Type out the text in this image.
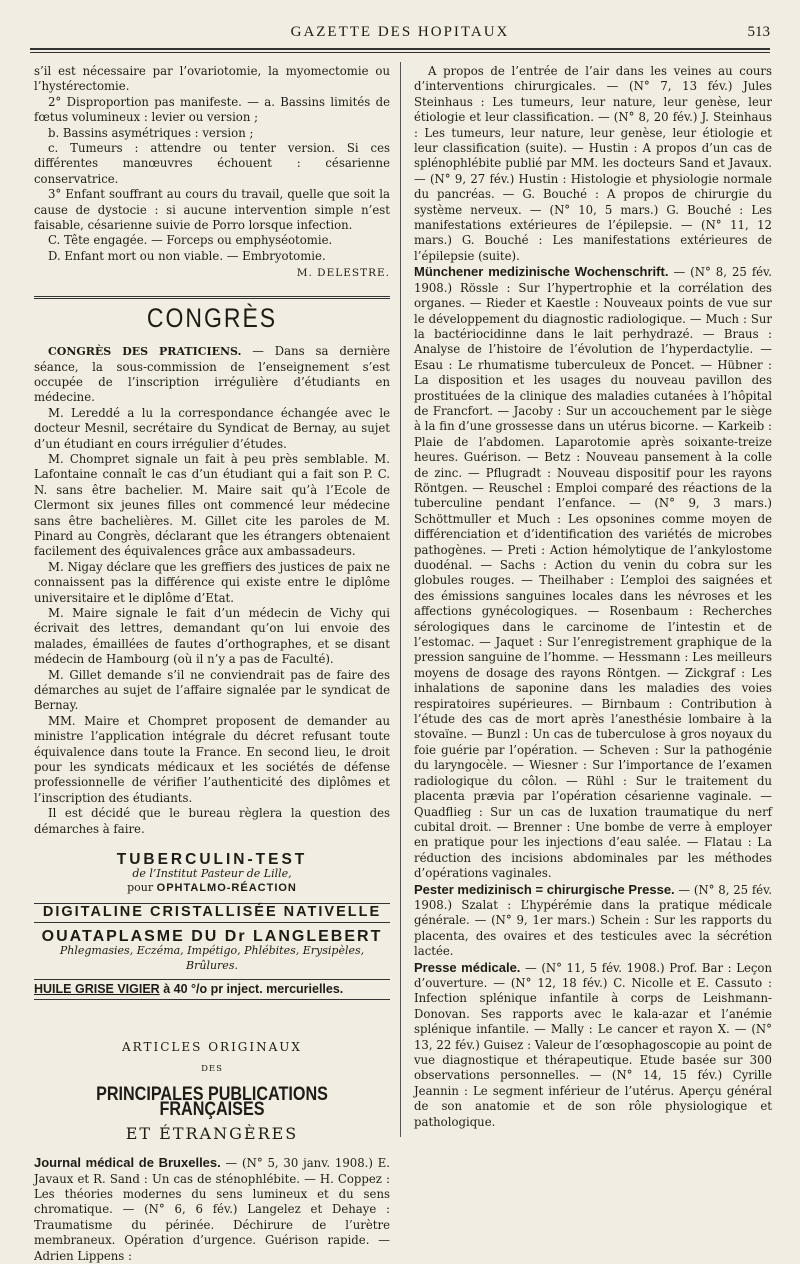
GAZETTE DES HOPITAUX	513

s’il est nécessaire par l’ovariotomie, la myomectomie ou l’hystérectomie.

2° Disproportion pas manifeste. — a. Bassins limités de fœtus volumineux : levier ou version ;

b. Bassins asymétriques : version ;

c. Tumeurs : attendre ou tenter version. Si ces différentes manœuvres échouent : césarienne conservatrice.

3° Enfant souffrant au cours du travail, quelle que soit la cause de dystocie : si aucune intervention simple n’est faisable, césarienne suivie de Porro lorsque infection.

C. Tête engagée. — Forceps ou emphyséotomie.

D. Enfant mort ou non viable. — Embryotomie.

M. DELESTRE.
CONGRÈS

CONGRÈS DES PRATICIENS. — Dans sa dernière séance, la sous-commission de l’enseignement s’est occupée de l’inscription irrégulière d’étudiants en médecine.

M. Lereddé a lu la correspondance échangée avec le docteur Mesnil, secrétaire du Syndicat de Bernay, au sujet d’un étudiant en cours irrégulier d’études.

M. Chompret signale un fait à peu près semblable. M. Lafontaine connaît le cas d’un étudiant qui a fait son P. C. N. sans être bachelier. M. Maire sait qu’à l’Ecole de Clermont six jeunes filles ont commencé leur médecine sans être bachelières. M. Gillet cite les paroles de M. Pinard au Congrès, déclarant que les étrangers obtenaient facilement des équivalences grâce aux ambassadeurs.

M. Nigay déclare que les greffiers des justices de paix ne connaissent pas la différence qui existe entre le diplôme universitaire et le diplôme d’Etat.

M. Maire signale le fait d’un médecin de Vichy qui écrivait des lettres, demandant qu’on lui envoie des malades, émaillées de fautes d’orthographes, et se disant médecin de Hambourg (où il n’y a pas de Faculté).

M. Gillet demande s’il ne conviendrait pas de faire des démarches au sujet de l’affaire signalée par le syndicat de Bernay.

MM. Maire et Chompret proposent de demander au ministre l’application intégrale du décret refusant toute équivalence dans toute la France. En second lieu, le droit pour les syndicats médicaux et les sociétés de défense professionnelle de vérifier l’authenticité des diplômes et l’inscription des étudiants.

Il est décidé que le bureau règlera la question des démarches à faire.

TUBERCULIN-TEST
de l’Institut Pasteur de Lille,
pour OPHTALMO-RÉACTION
DIGITALINE CRISTALLISÉE NATIVELLE
OUATAPLASME DU Dr LANGLEBERT
Phlegmasies, Eczéma, Impétigo, Phlébites, Erysipèles, Brûlures.
HUILE GRISE VIGIER à 40 °/o pr inject. mercurielles.
ARTICLES ORIGINAUX
DES
PRINCIPALES PUBLICATIONS FRANÇAISES
ET ÉTRANGÈRES

Journal médical de Bruxelles. — (N° 5, 30 janv. 1908.) E. Javaux et R. Sand : Un cas de sténophlébite. — H. Coppez : Les théories modernes du sens lumineux et du sens chromatique. — (N° 6, 6 fév.) Langelez et Dehaye : Traumatisme du périnée. Déchirure de l’urètre membraneux. Opération d’urgence. Guérison rapide. — Adrien Lippens :

A propos de l’entrée de l’air dans les veines au cours d’interventions chirurgicales. — (N° 7, 13 fév.) Jules Steinhaus : Les tumeurs, leur nature, leur genèse, leur étiologie et leur classification. — (N° 8, 20 fév.) J. Steinhaus : Les tumeurs, leur nature, leur genèse, leur étiologie et leur classification (suite). — Hustin : A propos d’un cas de splénophlébite publié par MM. les docteurs Sand et Javaux. — (N° 9, 27 fév.) Hustin : Histologie et physiologie normale du pancréas. — G. Bouché : A propos de chirurgie du système nerveux. — (N° 10, 5 mars.) G. Bouché : Les manifestations extérieures de l’épilepsie. — (N° 11, 12 mars.) G. Bouché : Les manifestations extérieures de l’épilepsie (suite).

Münchener medizinische Wochenschrift. — (N° 8, 25 fév. 1908.) Rössle : Sur l’hypertrophie et la corrélation des organes. — Rieder et Kaestle : Nouveaux points de vue sur le développement du diagnostic radiologique. — Much : Sur la bactériocidinne dans le lait perhydrazé. — Braus : Analyse de l’histoire de l’évolution de l’hyperdactylie. — Esau : Le rhumatisme tuberculeux de Poncet. — Hübner : La disposition et les usages du nouveau pavillon des prostituées de la clinique des maladies cutanées à l’hôpital de Francfort. — Jacoby : Sur un accouchement par le siège à la fin d’une grossesse dans un utérus bicorne. — Karkeib : Plaie de l’abdomen. Laparotomie après soixante-treize heures. Guérison. — Betz : Nouveau pansement à la colle de zinc. — Pflugradt : Nouveau dispositif pour les rayons Röntgen. — Reuschel : Emploi comparé des réactions de la tuberculine pendant l’enfance. — (N° 9, 3 mars.) Schöttmuller et Much : Les opsonines comme moyen de différenciation et d’identification des variétés de microbes pathogènes. — Preti : Action hémolytique de l’ankylostome duodénal. — Sachs : Action du venin du cobra sur les globules rouges. — Theilhaber : L’emploi des saignées et des émissions sanguines locales dans les névroses et les affections gynécologiques. — Rosenbaum : Recherches sérologiques dans le carcinome de l’intestin et de l’estomac. — Jaquet : Sur l’enregistrement graphique de la pression sanguine de l’homme. — Hessmann : Les meilleurs moyens de dosage des rayons Röntgen. — Zickgraf : Les inhalations de saponine dans les maladies des voies respiratoires supérieures. — Birnbaum : Contribution à l’étude des cas de mort après l’anesthésie lombaire à la stovaïne. — Bunzl : Un cas de tuberculose à gros noyaux du foie guérie par l’opération. — Scheven : Sur la pathogénie du laryngocèle. — Wiesner : Sur l’importance de l’examen radiologique du côlon. — Rühl : Sur le traitement du placenta prævia par l’opération césarienne vaginale. — Quadflieg : Sur un cas de luxation traumatique du nerf cubital droit. — Brenner : Une bombe de verre à employer en pratique pour les injections d’eau salée. — Flatau : La réduction des incisions abdominales par les méthodes d’opérations vaginales.

Pester medizinisch = chirurgische Presse. — (N° 8, 25 fév. 1908.) Szalat : L’hypérémie dans la pratique médicale générale. — (N° 9, 1er mars.) Schein : Sur les rapports du placenta, des ovaires et des testicules avec la sécrétion lactée.

Presse médicale. — (N° 11, 5 fév. 1908.) Prof. Bar : Leçon d’ouverture. — (N° 12, 18 fév.) C. Nicolle et E. Cassuto : Infection splénique infantile à corps de Leishmann-Donovan. Ses rapports avec le kala-azar et l’anémie splénique infantile. — Mally : Le cancer et rayon X. — (N° 13, 22 fév.) Guisez : Valeur de l’œsophagoscopie au point de vue diagnostique et thérapeutique. Etude basée sur 300 observations personnelles. — (N° 14, 15 fév.) Cyrille Jeannin : Le segment inférieur de l’utérus. Aperçu général de son anatomie et de son rôle physiologique et pathologique.
